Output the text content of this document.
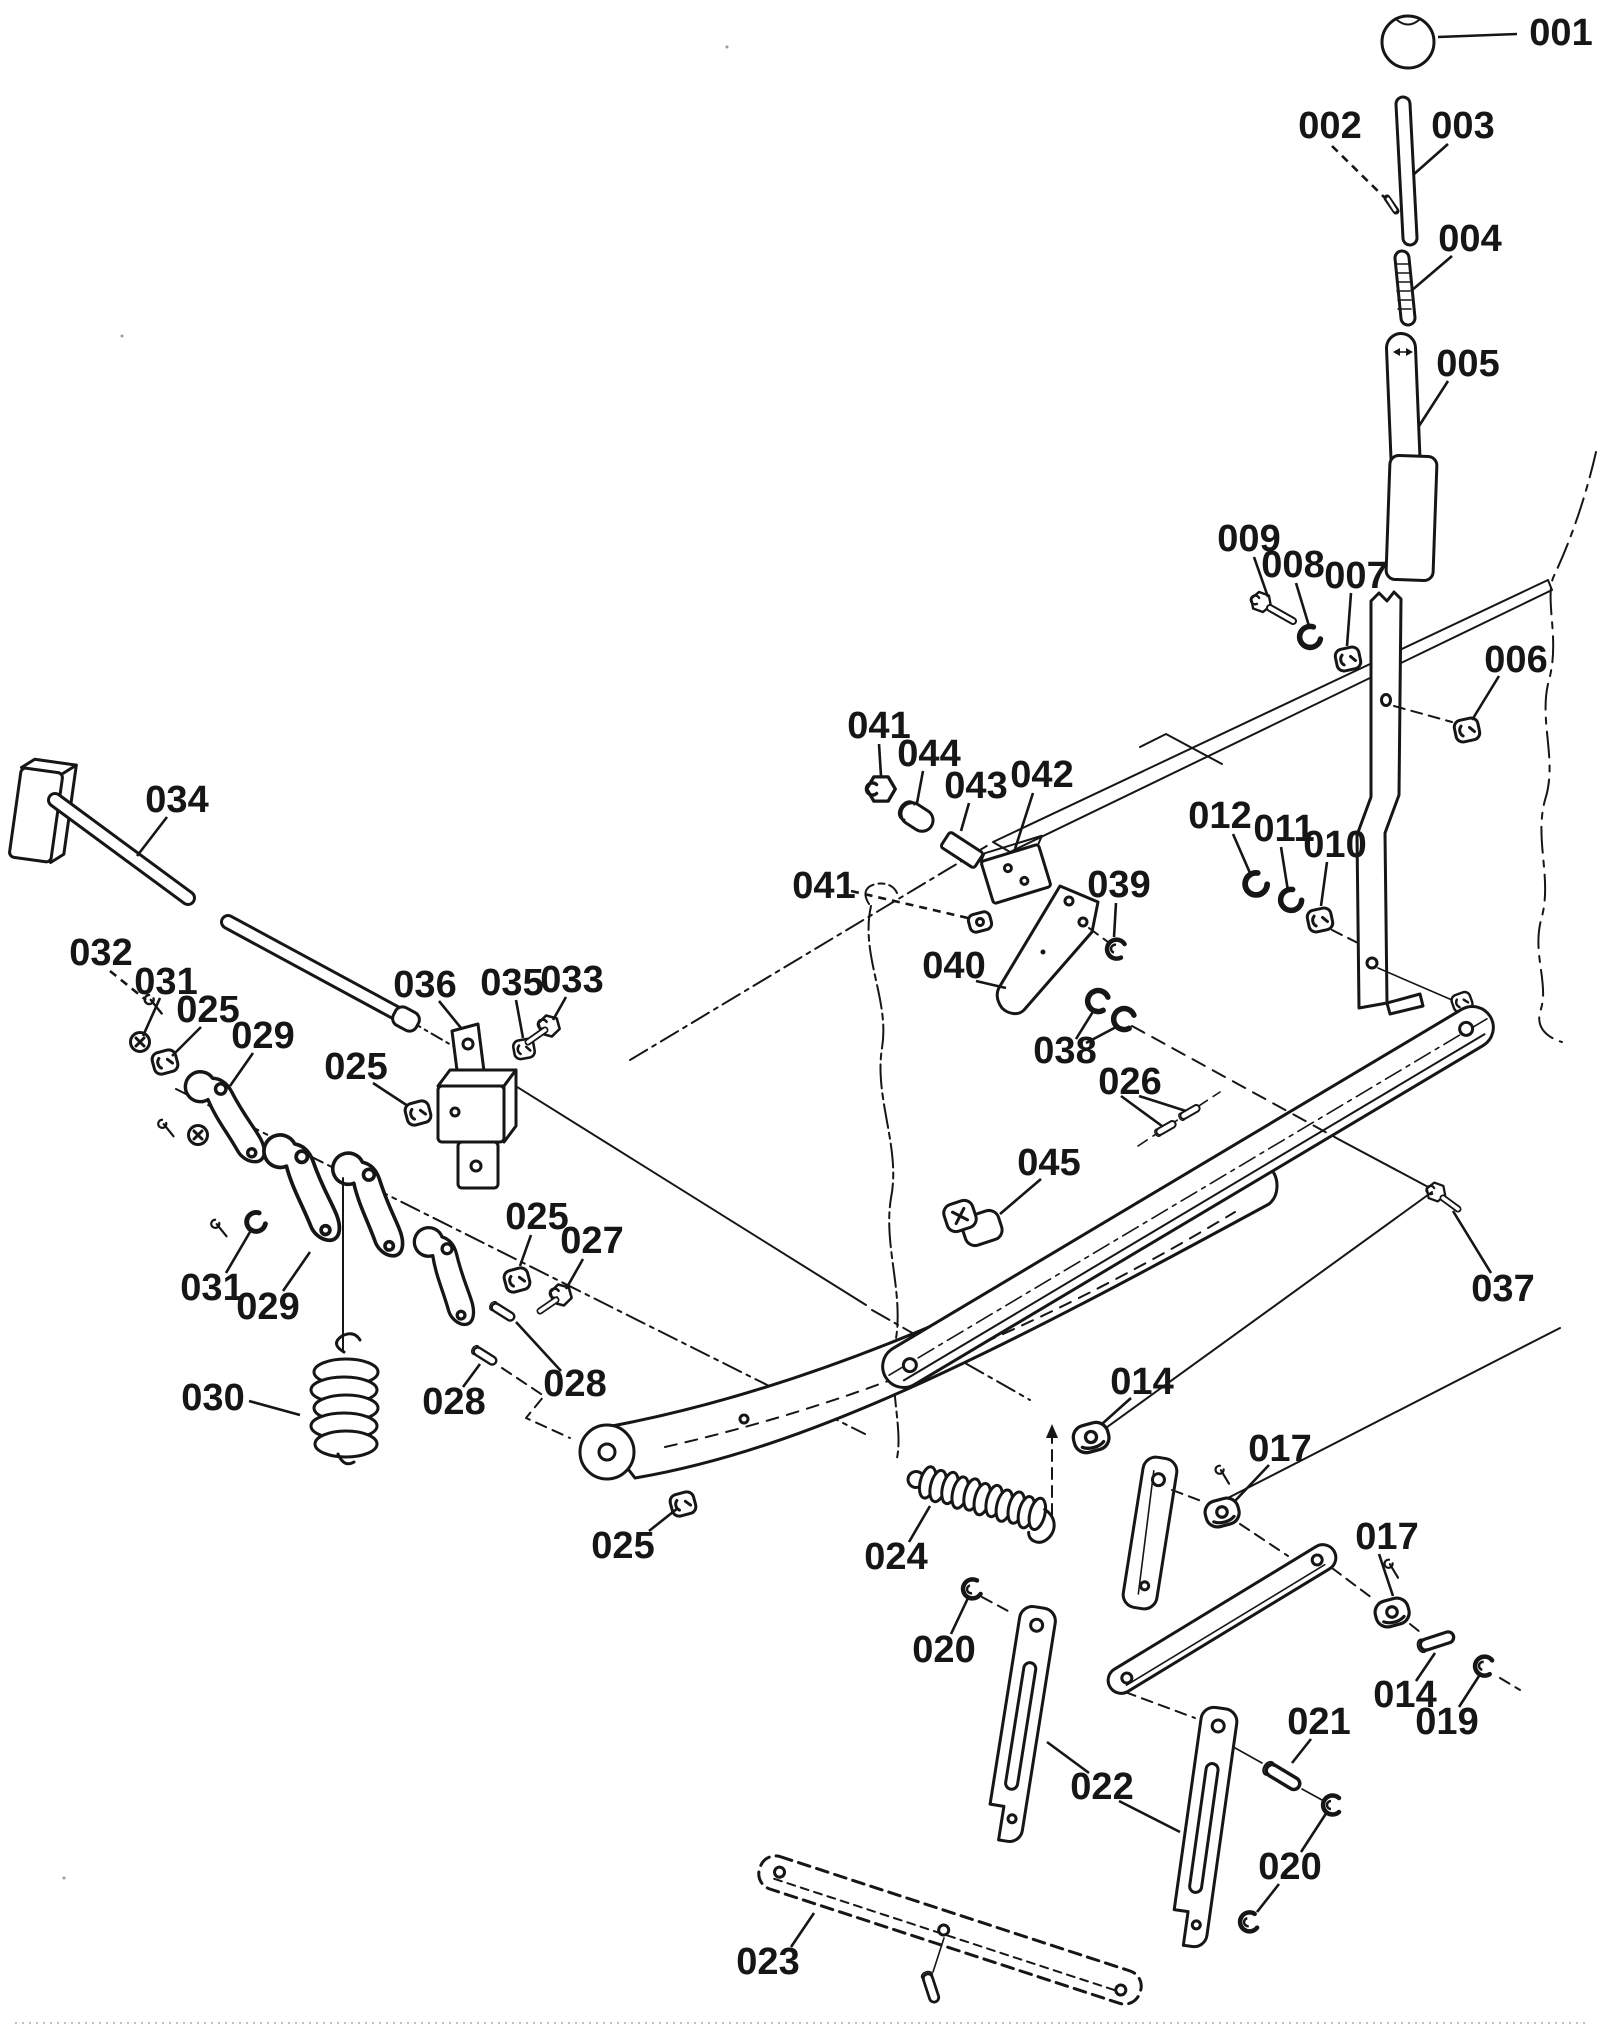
001
002 003
004
005
006
007
008
009
010
011
012
034
032
031
025
029
036 035
033
025
031
029
030
025
027
028
028
025
041
044
043 042
041	039
040
038
026
045
037
014
017
017
014
019
021
020
020
022
023
024
